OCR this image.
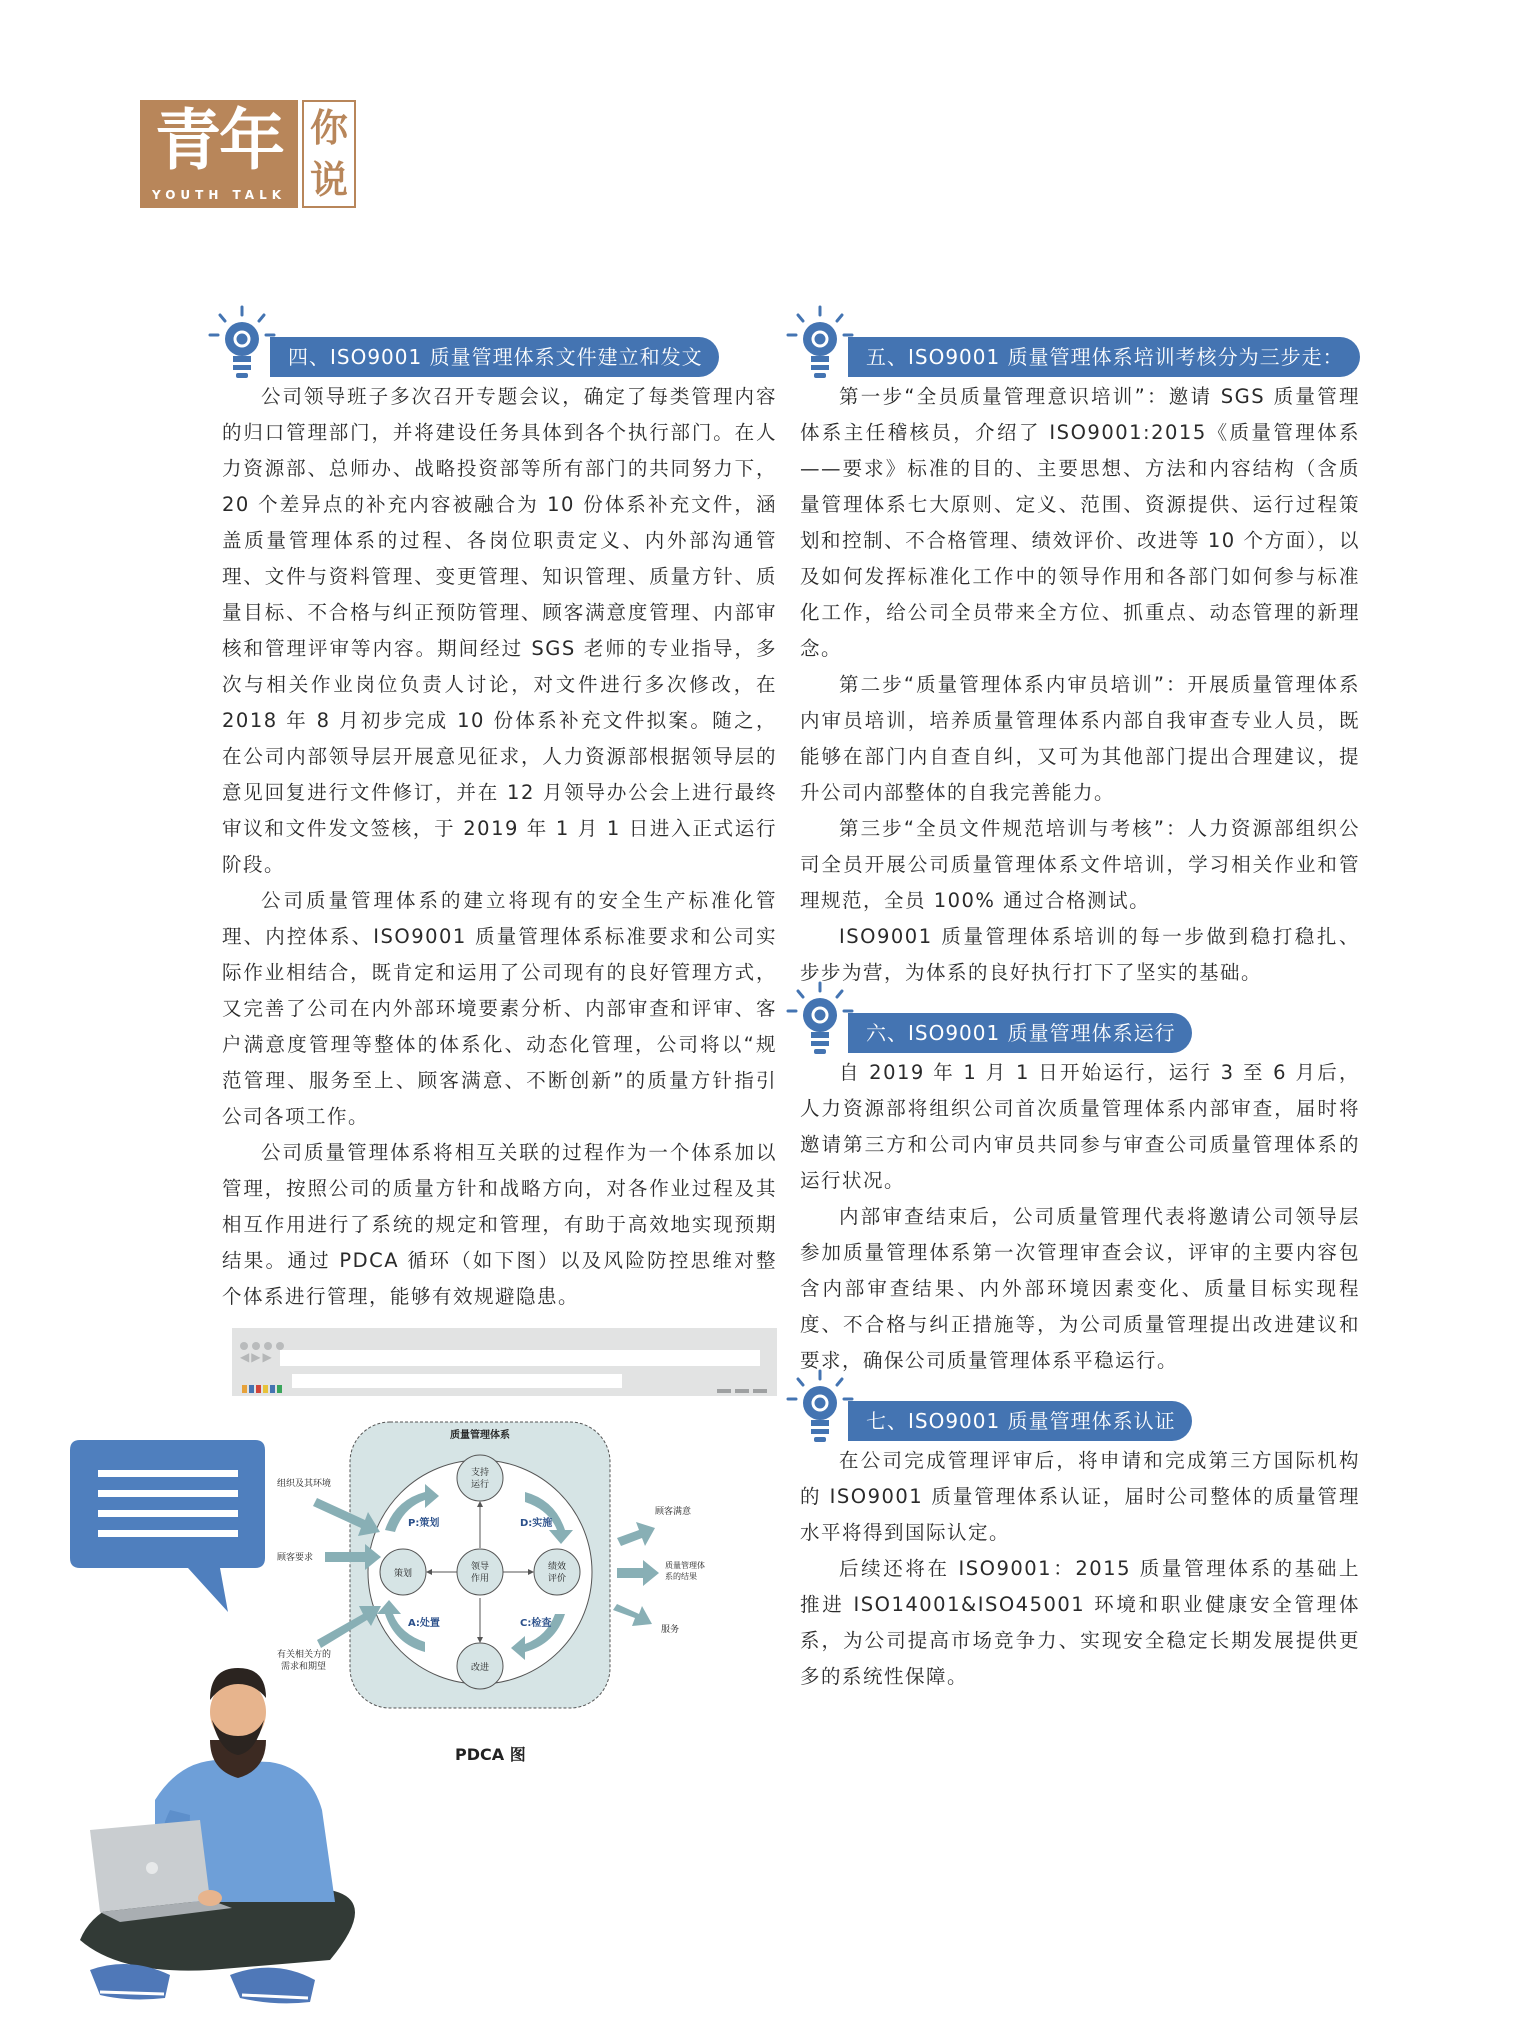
青年
YOUTH TALK
你
说
四、ISO9001 质量管理体系文件建立和发文

公司领导班子多次召开专题会议，确定了每类管理内容的归口管理部门，并将建设任务具体到各个执行部门。在人力资源部、总师办、战略投资部等所有部门的共同努力下，20 个差异点的补充内容被融合为 10 份体系补充文件，涵盖质量管理体系的过程、各岗位职责定义、内外部沟通管理、文件与资料管理、变更管理、知识管理、质量方针、质量目标、不合格与纠正预防管理、顾客满意度管理、内部审核和管理评审等内容。期间经过 SGS 老师的专业指导，多次与相关作业岗位负责人讨论，对文件进行多次修改，在 2018 年 8 月初步完成 10 份体系补充文件拟案。随之，在公司内部领导层开展意见征求，人力资源部根据领导层的意见回复进行文件修订，并在 12 月领导办公会上进行最终审议和文件发文签核，于 2019 年 1 月 1 日进入正式运行阶段。

公司质量管理体系的建立将现有的安全生产标准化管理、内控体系、ISO9001 质量管理体系标准要求和公司实际作业相结合，既肯定和运用了公司现有的良好管理方式，又完善了公司在内外部环境要素分析、内部审查和评审、客户满意度管理等整体的体系化、动态化管理，公司将以“规范管理、服务至上、顾客满意、不断创新”的质量方针指引公司各项工作。

公司质量管理体系将相互关联的过程作为一个体系加以管理，按照公司的质量方针和战略方向，对各作业过程及其相互作用进行了系统的规定和管理，有助于高效地实现预期结果。通过 PDCA 循环（如下图）以及风险防控思维对整个体系进行管理，能够有效规避隐患。

五、ISO9001 质量管理体系培训考核分为三步走：

第一步“全员质量管理意识培训”：邀请 SGS 质量管理体系主任稽核员，介绍了 ISO9001:2015《质量管理体系——要求》标准的目的、主要思想、方法和内容结构（含质量管理体系七大原则、定义、范围、资源提供、运行过程策划和控制、不合格管理、绩效评价、改进等 10 个方面），以及如何发挥标准化工作中的领导作用和各部门如何参与标准化工作，给公司全员带来全方位、抓重点、动态管理的新理念。

第二步“质量管理体系内审员培训”：开展质量管理体系内审员培训，培养质量管理体系内部自我审查专业人员，既能够在部门内自查自纠，又可为其他部门提出合理建议，提升公司内部整体的自我完善能力。

第三步“全员文件规范培训与考核”：人力资源部组织公司全员开展公司质量管理体系文件培训，学习相关作业和管理规范，全员 100% 通过合格测试。

ISO9001 质量管理体系培训的每一步做到稳打稳扎、步步为营，为体系的良好执行打下了坚实的基础。

六、ISO9001 质量管理体系运行

自 2019 年 1 月 1 日开始运行，运行 3 至 6 月后，人力资源部将组织公司首次质量管理体系内部审查，届时将邀请第三方和公司内审员共同参与审查公司质量管理体系的运行状况。

内部审查结束后，公司质量管理代表将邀请公司领导层参加质量管理体系第一次管理审查会议，评审的主要内容包含内部审查结果、内外部环境因素变化、质量目标实现程度、不合格与纠正措施等，为公司质量管理提出改进建议和要求，确保公司质量管理体系平稳运行。

七、ISO9001 质量管理体系认证

在公司完成管理评审后，将申请和完成第三方国际机构的 ISO9001 质量管理体系认证，届时公司整体的质量管理水平将得到国际认定。

后续还将在 ISO9001：2015 质量管理体系的基础上推进 ISO14001&ISO45001 环境和职业健康安全管理体系，为公司提高市场竞争力、实现安全稳定长期发展提供更多的系统性保障。

◀▶▶
质量管理体系
P:策划	D:实施
C:检查
A:处置
支持
运行
策划
领导
作用
绩效
评价
改进
组织及其环境
顾客要求
有关相关方的
需求和期望
顾客满意
质量管理体
系的结果
服务
PDCA 图
